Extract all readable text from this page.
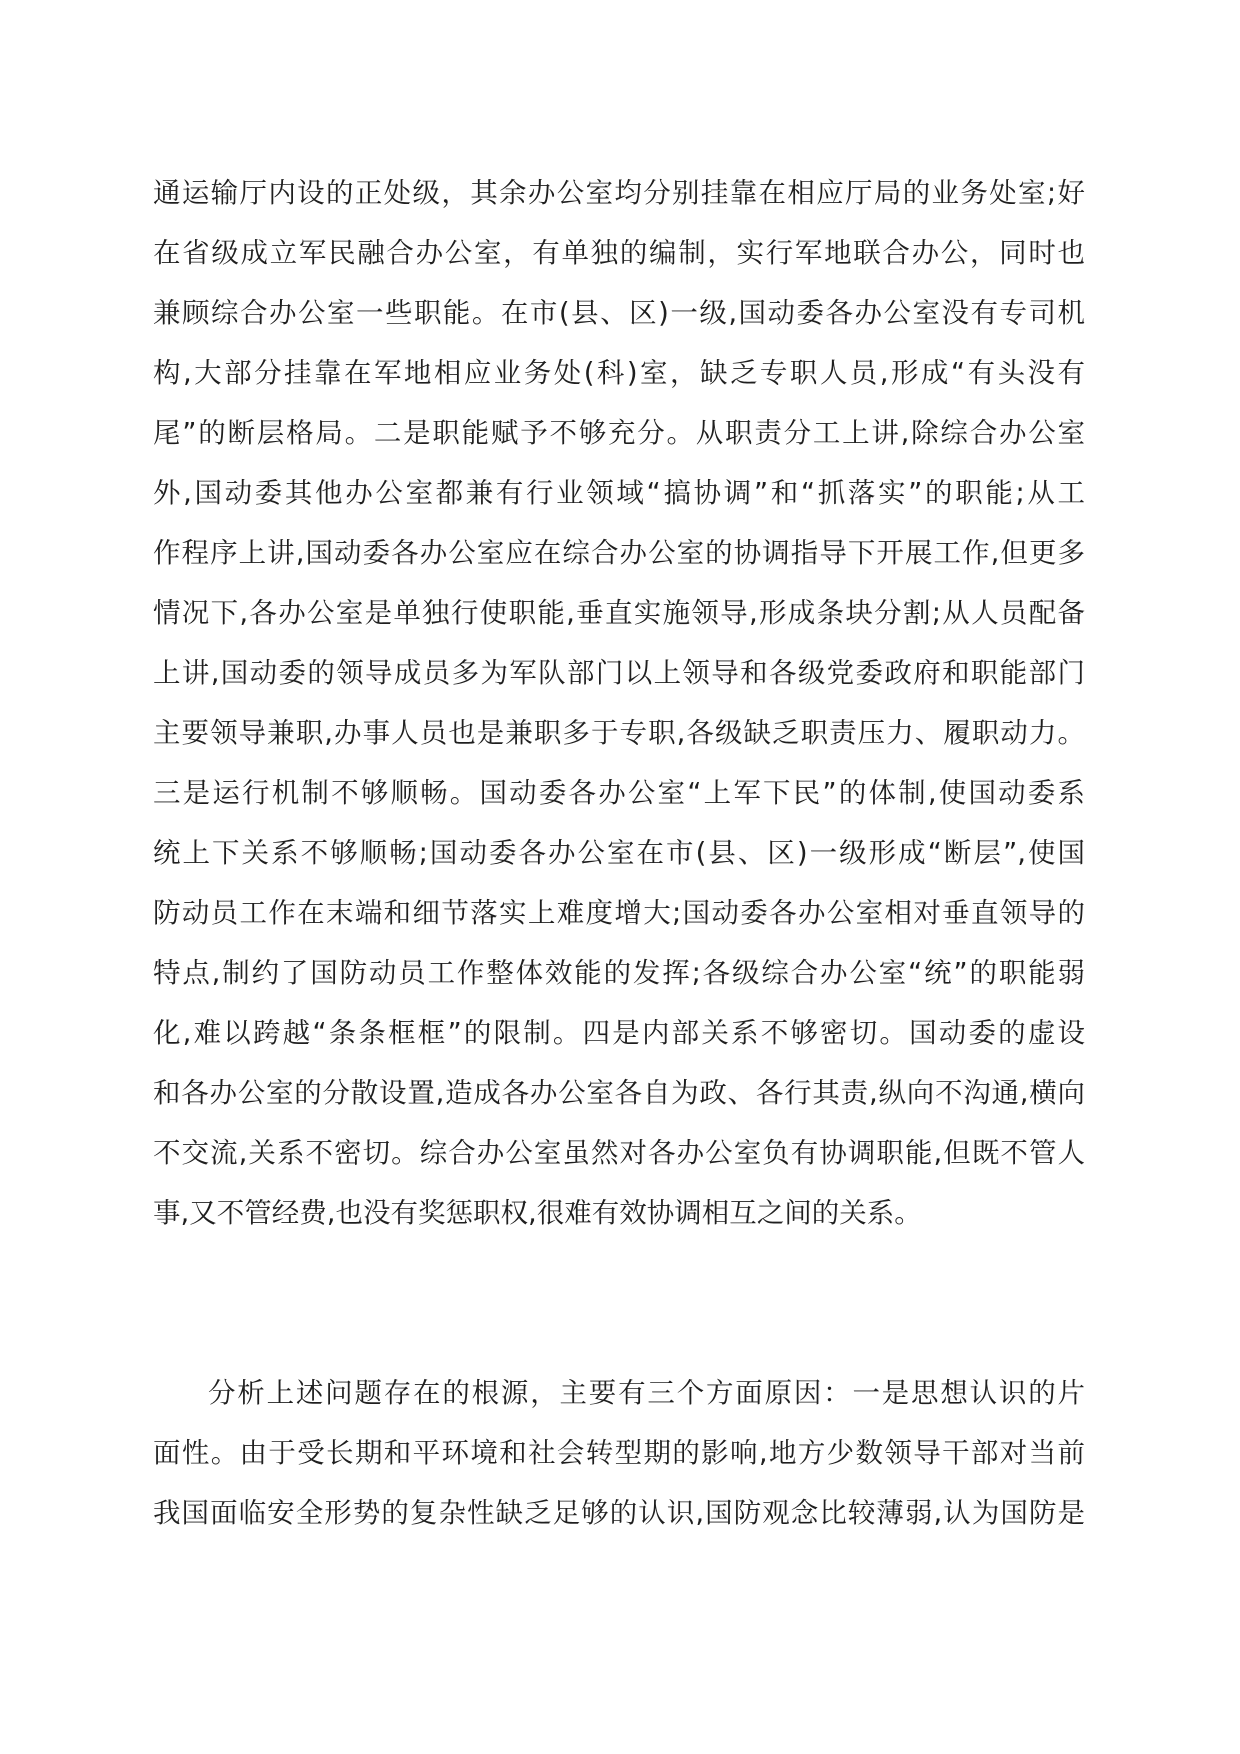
通运输厅内设的正处级，其余办公室均分别挂靠在相应厅局的业务处室;好
在省级成立军民融合办公室，有单独的编制，实行军地联合办公，同时也
兼顾综合办公室一些职能。在市(县、区)一级,国动委各办公室没有专司机
构,大部分挂靠在军地相应业务处(科)室，缺乏专职人员,形成“有头没有
尾”的断层格局。二是职能赋予不够充分。从职责分工上讲,除综合办公室
外,国动委其他办公室都兼有行业领域“搞协调”和“抓落实”的职能;从工
作程序上讲,国动委各办公室应在综合办公室的协调指导下开展工作,但更多
情况下,各办公室是单独行使职能,垂直实施领导,形成条块分割;从人员配备
上讲,国动委的领导成员多为军队部门以上领导和各级党委政府和职能部门
主要领导兼职,办事人员也是兼职多于专职,各级缺乏职责压力、履职动力。
三是运行机制不够顺畅。国动委各办公室“上军下民”的体制,使国动委系
统上下关系不够顺畅;国动委各办公室在市(县、区)一级形成“断层”,使国
防动员工作在末端和细节落实上难度增大;国动委各办公室相对垂直领导的
特点,制约了国防动员工作整体效能的发挥;各级综合办公室“统”的职能弱
化,难以跨越“条条框框”的限制。四是内部关系不够密切。国动委的虚设
和各办公室的分散设置,造成各办公室各自为政、各行其责,纵向不沟通,横向
不交流,关系不密切。综合办公室虽然对各办公室负有协调职能,但既不管人
事,又不管经费,也没有奖惩职权,很难有效协调相互之间的关系。
分析上述问题存在的根源，主要有三个方面原因：一是思想认识的片
面性。由于受长期和平环境和社会转型期的影响,地方少数领导干部对当前
我国面临安全形势的复杂性缺乏足够的认识,国防观念比较薄弱,认为国防是
